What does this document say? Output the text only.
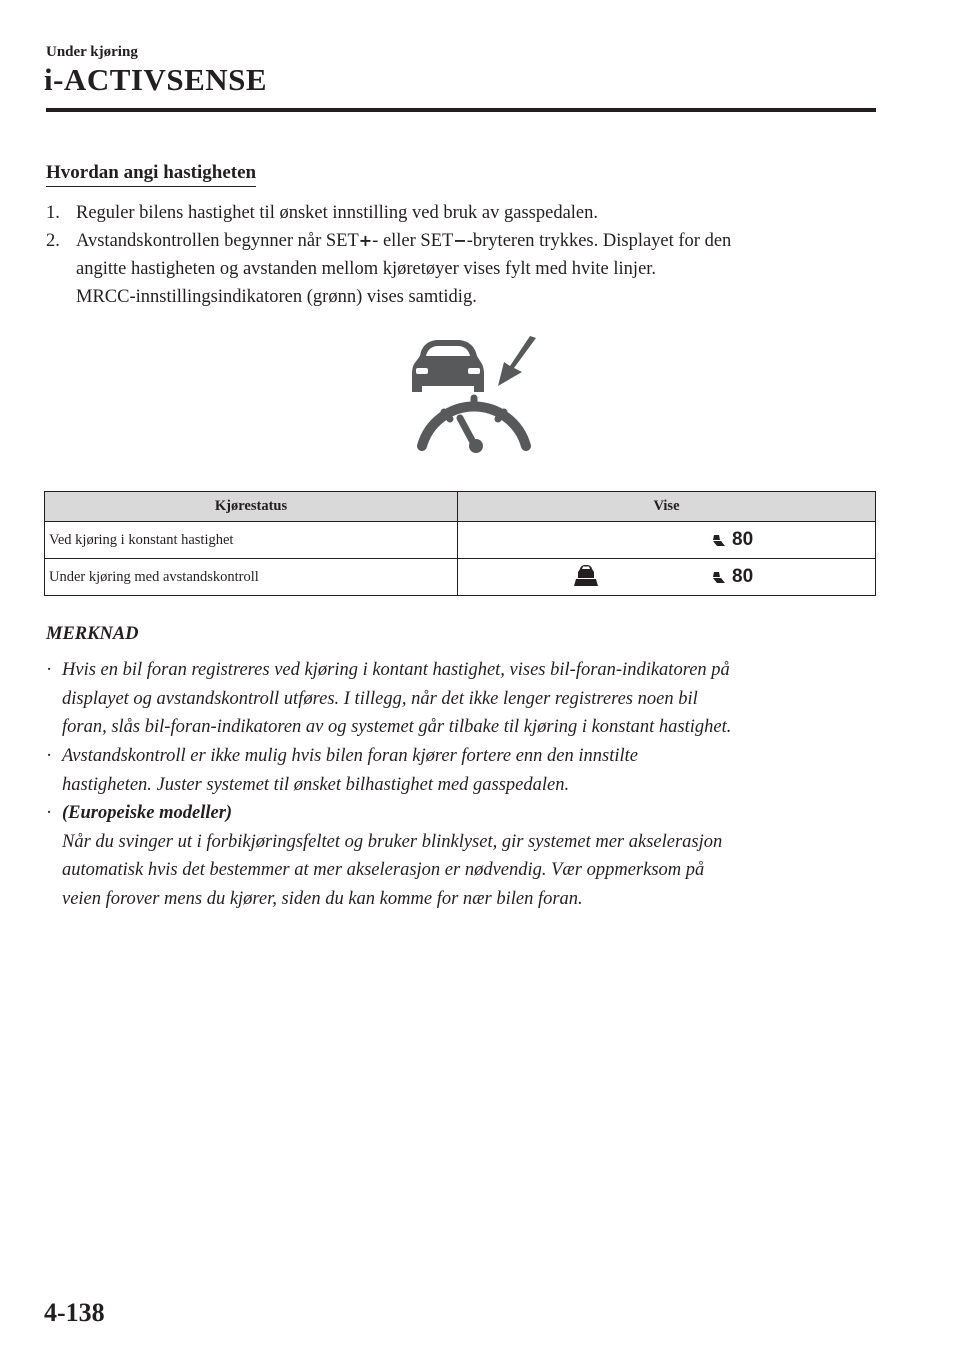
Under kjøring
i-ACTIVSENSE
Hvordan angi hastigheten
1. Reguler bilens hastighet til ønsket innstilling ved bruk av gasspedalen.
2. Avstandskontrollen begynner når SET+- eller SET−-bryteren trykkes. Displayet for den
angitte hastigheten og avstanden mellom kjøretøyer vises fylt med hvite linjer.
MRCC-innstillingsindikatoren (grønn) vises samtidig.
Kjørestatus	Vise
Ved kjøring i konstant hastighet	80

Under kjøring med avstandskontroll	80
MERKNAD
· Hvis en bil foran registreres ved kjøring i kontant hastighet, vises bil-foran-indikatoren på
displayet og avstandskontroll utføres. I tillegg, når det ikke lenger registreres noen bil
foran, slås bil-foran-indikatoren av og systemet går tilbake til kjøring i konstant hastighet.
· Avstandskontroll er ikke mulig hvis bilen foran kjører fortere enn den innstilte
hastigheten. Juster systemet til ønsket bilhastighet med gasspedalen.
· (Europeiske modeller)
Når du svinger ut i forbikjøringsfeltet og bruker blinklyset, gir systemet mer akselerasjon
automatisk hvis det bestemmer at mer akselerasjon er nødvendig. Vær oppmerksom på
veien forover mens du kjører, siden du kan komme for nær bilen foran.
4-138
